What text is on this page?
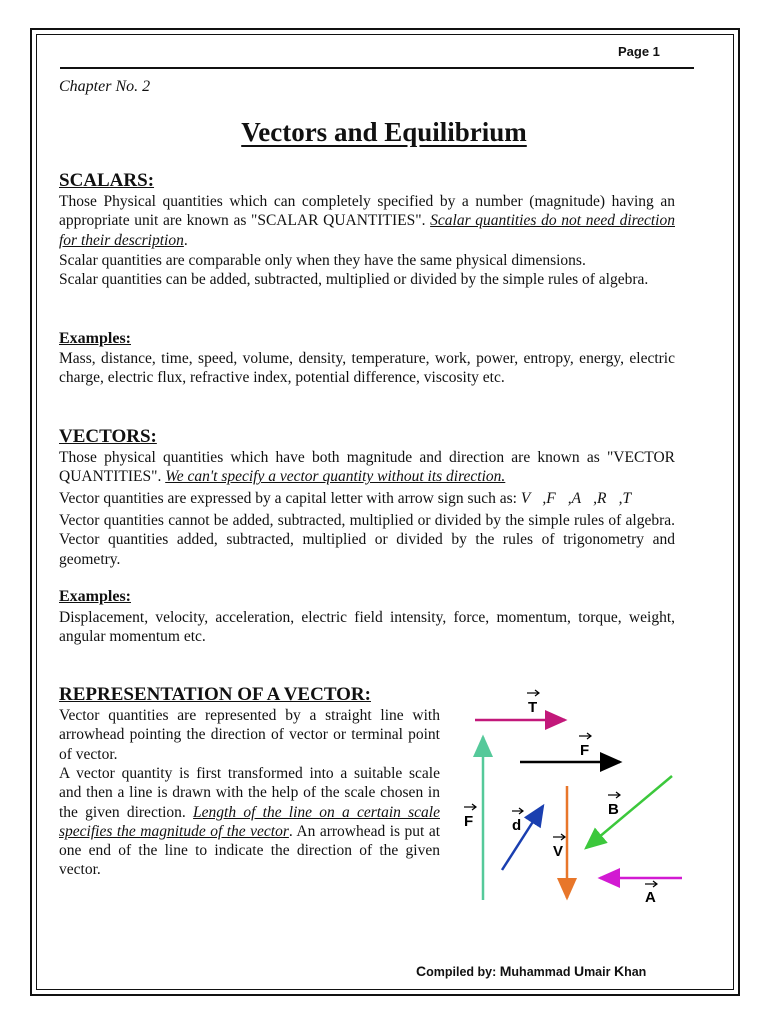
Page 1
Chapter No. 2
Vectors and Equilibrium
SCALARS:
Those Physical quantities which can completely specified by a number (magnitude) having an appropriate unit are known as "SCALAR QUANTITIES". Scalar quantities do not need direction for their description.
Scalar quantities are comparable only when they have the same physical dimensions.
Scalar quantities can be added, subtracted, multiplied or divided by the simple rules of algebra.
Examples:
Mass, distance, time, speed, volume, density, temperature, work, power, entropy, energy, electric charge, electric flux, refractive index, potential difference, viscosity etc.
VECTORS:
Those physical quantities which have both magnitude and direction are known as "VECTOR QUANTITIES". We can't specify a vector quantity without its direction.
Vector quantities are expressed by a capital letter with arrow sign such as: V⃗,F⃗,A⃗,R⃗,T⃗
Vector quantities cannot be added, subtracted, multiplied or divided by the simple rules of algebra. Vector quantities added, subtracted, multiplied or divided by the rules of trigonometry and geometry.
Examples:
Displacement, velocity, acceleration, electric field intensity, force, momentum, torque, weight, angular momentum etc.
REPRESENTATION OF A VECTOR:
Vector quantities are represented by a straight line with arrowhead pointing the direction of vector or terminal point of vector.
A vector quantity is first transformed into a suitable scale and then a line is drawn with the help of the scale chosen in the given direction. Length of the line on a certain scale specifies the magnitude of the vector. An arrowhead is put at one end of the line to indicate the direction of the given vector.
T
F
F	d
V
B
A
Compiled by: Muhammad Umair Khan
